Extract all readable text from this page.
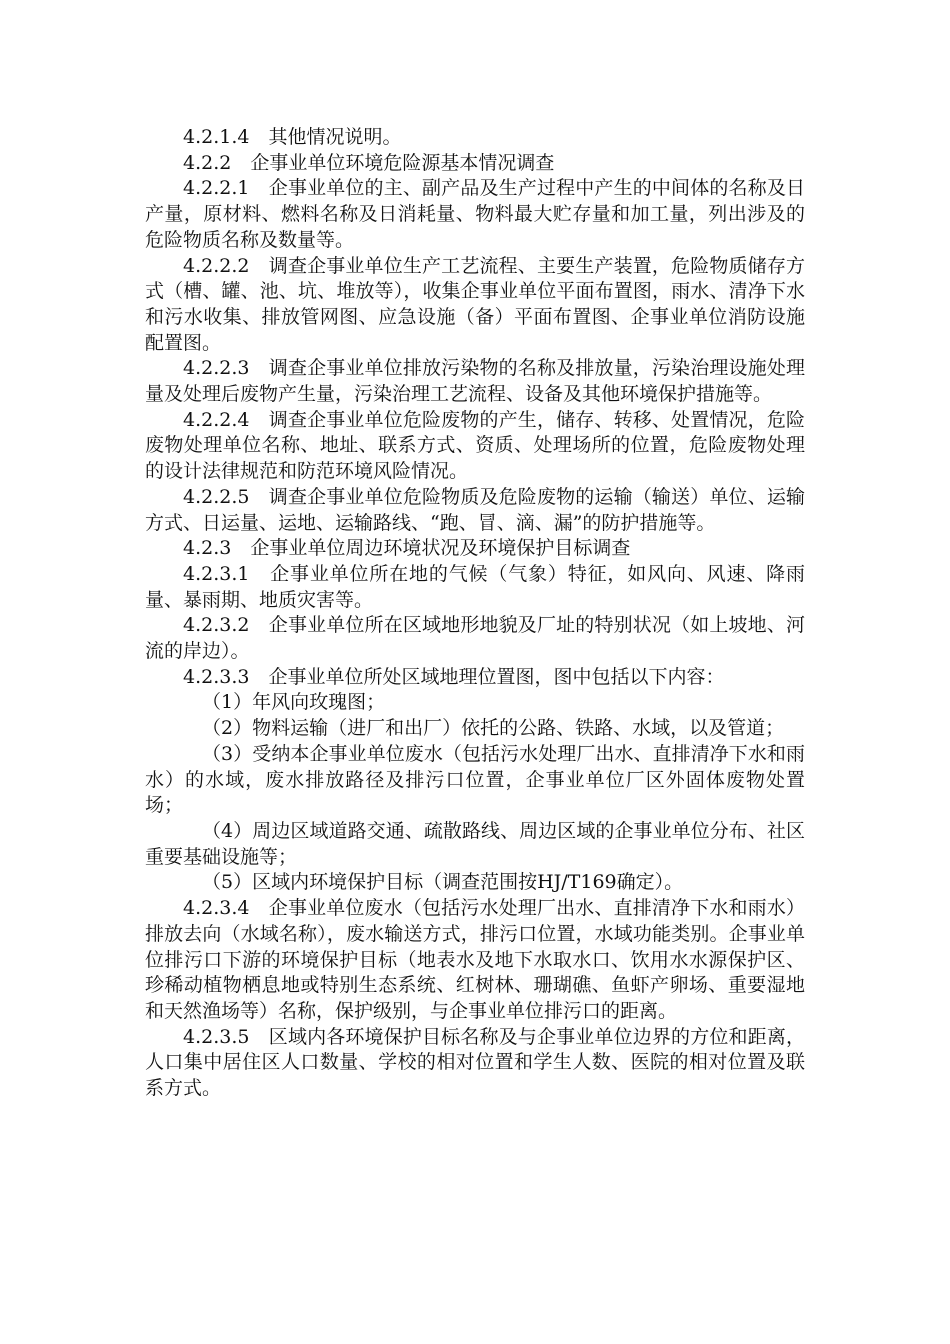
4.2.1.4　其他情况说明。

4.2.2　企事业单位环境危险源基本情况调查

4.2.2.1　企事业单位的主、副产品及生产过程中产生的中间体的名称及日产量，原材料、燃料名称及日消耗量、物料最大贮存量和加工量，列出涉及的危险物质名称及数量等。

4.2.2.2　调查企事业单位生产工艺流程、主要生产装置，危险物质储存方式（槽、罐、池、坑、堆放等），收集企事业单位平面布置图，雨水、清净下水和污水收集、排放管网图、应急设施（备）平面布置图、企事业单位消防设施配置图。

4.2.2.3　调查企事业单位排放污染物的名称及排放量，污染治理设施处理量及处理后废物产生量，污染治理工艺流程、设备及其他环境保护措施等。

4.2.2.4　调查企事业单位危险废物的产生，储存、转移、处置情况，危险废物处理单位名称、地址、联系方式、资质、处理场所的位置，危险废物处理的设计法律规范和防范环境风险情况。

4.2.2.5　调查企事业单位危险物质及危险废物的运输（输送）单位、运输方式、日运量、运地、运输路线、“跑、冒、滴、漏”的防护措施等。

4.2.3　企事业单位周边环境状况及环境保护目标调查

4.2.3.1　企事业单位所在地的气候（气象）特征，如风向、风速、降雨量、暴雨期、地质灾害等。

4.2.3.2　企事业单位所在区域地形地貌及厂址的特别状况（如上坡地、河流的岸边）。

4.2.3.3　企事业单位所处区域地理位置图，图中包括以下内容：

（1）年风向玫瑰图；

（2）物料运输（进厂和出厂）依托的公路、铁路、水域，以及管道；

（3）受纳本企事业单位废水（包括污水处理厂出水、直排清净下水和雨水）的水域，废水排放路径及排污口位置，企事业单位厂区外固体废物处置场；

（4）周边区域道路交通、疏散路线、周边区域的企事业单位分布、社区重要基础设施等；

（5）区域内环境保护目标（调查范围按HJ/T169确定）。

4.2.3.4　企事业单位废水（包括污水处理厂出水、直排清净下水和雨水）排放去向（水域名称），废水输送方式，排污口位置，水域功能类别。企事业单位排污口下游的环境保护目标（地表水及地下水取水口、饮用水水源保护区、珍稀动植物栖息地或特别生态系统、红树林、珊瑚礁、鱼虾产卵场、重要湿地和天然渔场等）名称，保护级别，与企事业单位排污口的距离。

4.2.3.5　区域内各环境保护目标名称及与企事业单位边界的方位和距离，人口集中居住区人口数量、学校的相对位置和学生人数、医院的相对位置及联系方式。
